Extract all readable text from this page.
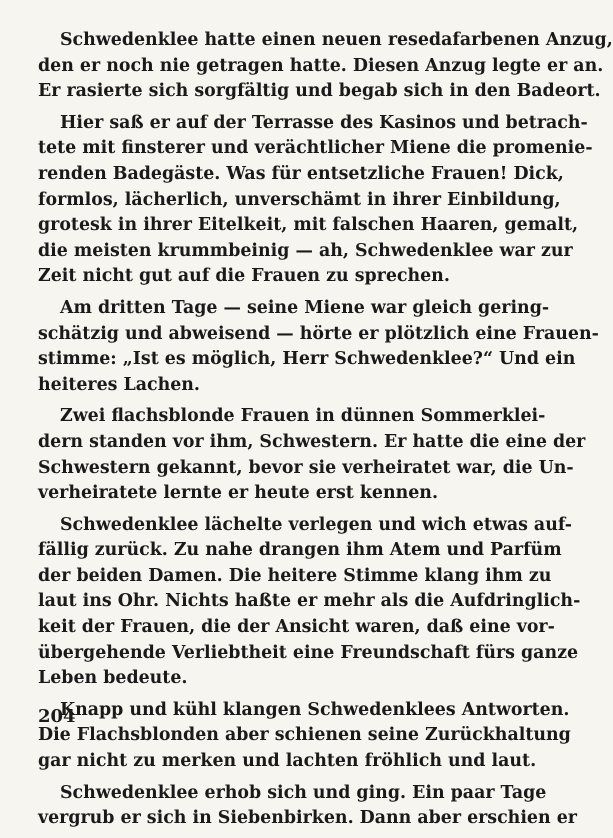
Schwedenklee hatte einen neuen resedafarbenen Anzug,
den er noch nie getragen hatte. Diesen Anzug legte er an.
Er rasierte sich sorgfältig und begab sich in den Badeort.

Hier saß er auf der Terrasse des Kasinos und betrach-
tete mit finsterer und verächtlicher Miene die promenie-
renden Badegäste. Was für entsetzliche Frauen! Dick,
formlos, lächerlich, unverschämt in ihrer Einbildung,
grotesk in ihrer Eitelkeit, mit falschen Haaren, gemalt,
die meisten krummbeinig — ah, Schwedenklee war zur
Zeit nicht gut auf die Frauen zu sprechen.

Am dritten Tage — seine Miene war gleich gering-
schätzig und abweisend — hörte er plötzlich eine Frauen-
stimme: „Ist es möglich, Herr Schwedenklee?“ Und ein
heiteres Lachen.

Zwei flachsblonde Frauen in dünnen Sommerklei-
dern standen vor ihm, Schwestern. Er hatte die eine der
Schwestern gekannt, bevor sie verheiratet war, die Un-
verheiratete lernte er heute erst kennen.

Schwedenklee lächelte verlegen und wich etwas auf-
fällig zurück. Zu nahe drangen ihm Atem und Parfüm
der beiden Damen. Die heitere Stimme klang ihm zu
laut ins Ohr. Nichts haßte er mehr als die Aufdringlich-
keit der Frauen, die der Ansicht waren, daß eine vor-
übergehende Verliebtheit eine Freundschaft fürs ganze
Leben bedeute.

Knapp und kühl klangen Schwedenklees Antworten.
Die Flachsblonden aber schienen seine Zurückhaltung
gar nicht zu merken und lachten fröhlich und laut.

Schwedenklee erhob sich und ging. Ein paar Tage
vergrub er sich in Siebenbirken. Dann aber erschien er

204
